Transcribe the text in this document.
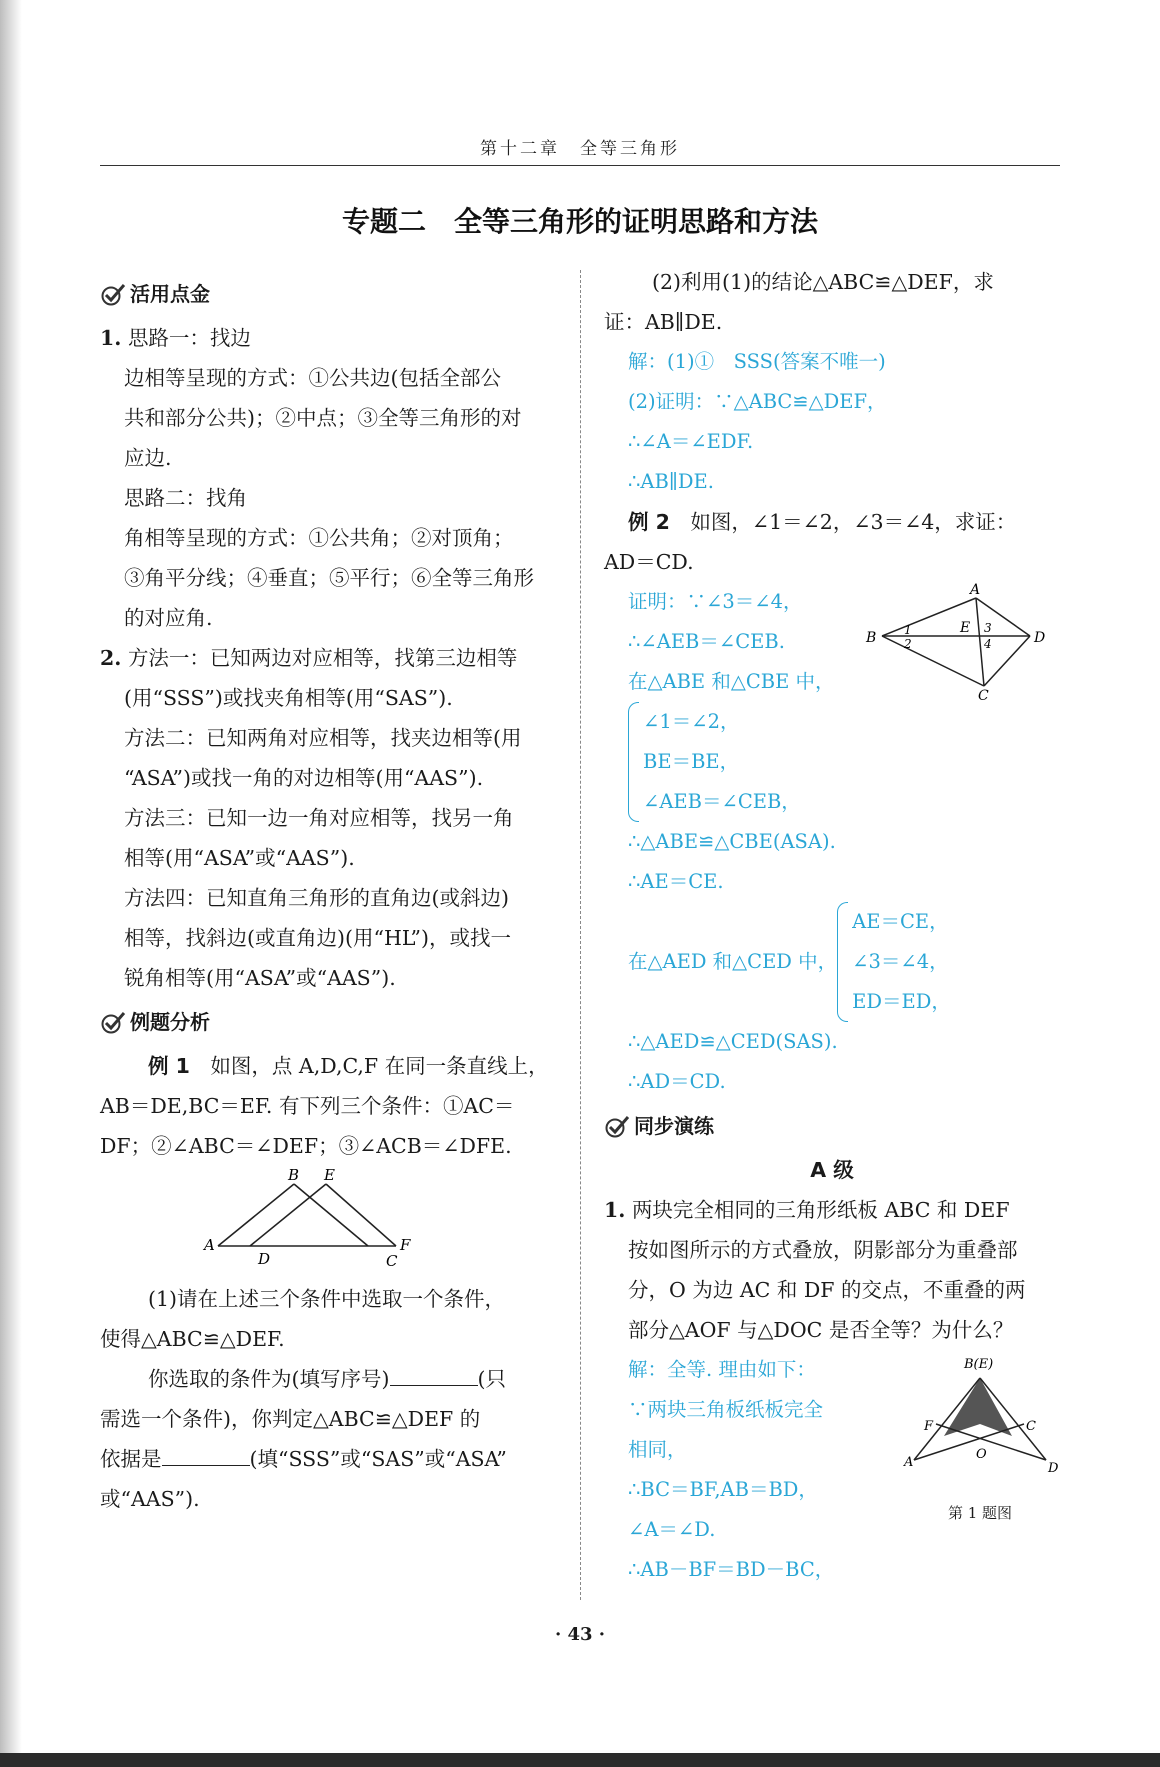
第十二章　全等三角形
专题二　全等三角形的证明思路和方法
活用点金
1. 思路一：找边
边相等呈现的方式：①公共边(包括全部公
共和部分公共)；②中点；③全等三角形的对
应边.
思路二：找角
角相等呈现的方式：①公共角；②对顶角；
③角平分线；④垂直；⑤平行；⑥全等三角形
的对应角.
2. 方法一：已知两边对应相等，找第三边相等
(用“SSS”)或找夹角相等(用“SAS”).
方法二：已知两角对应相等，找夹边相等(用
“ASA”)或找一角的对边相等(用“AAS”).
方法三：已知一边一角对应相等，找另一角
相等(用“ASA”或“AAS”).
方法四：已知直角三角形的直角边(或斜边)
相等，找斜边(或直角边)(用“HL”)，或找一
锐角相等(用“ASA”或“AAS”).
例题分析
例 1　 如图，点 A,D,C,F 在同一条直线上，
AB＝DE,BC＝EF. 有下列三个条件：①AC＝
DF；②∠ABC＝∠DEF；③∠ACB＝∠DFE.
B E
A
D	C
F
(1)请在上述三个条件中选取一个条件，
使得△ABC≌△DEF.
你选取的条件为(填写序号)	(只
需选一个条件)，你判定△ABC≌△DEF 的
依据是	(填“SSS”或“SAS”或“ASA”
或“AAS”).
(2)利用(1)的结论△ABC≌△DEF，求
证：AB∥DE.
解：(1)①　SSS(答案不唯一)
(2)证明：∵△ABC≌△DEF，
∴∠A＝∠EDF.
∴AB∥DE.
例 2　 如图，∠1＝∠2，∠3＝∠4，求证：
AD＝CD.
A
B
E
D
C
1
2
3
4
证明：∵∠3＝∠4，
∴∠AEB＝∠CEB.
在△ABE 和△CBE 中，
∠1＝∠2，
BE＝BE，
∠AEB＝∠CEB，
∴△ABE≌△CBE(ASA).
∴AE＝CE.
在△AED 和△CED 中，
AE＝CE，
∠3＝∠4，
ED＝ED，
∴△AED≌△CED(SAS).
∴AD＝CD.
同步演练
A 级
1. 两块完全相同的三角形纸板 ABC 和 DEF
按如图所示的方式叠放，阴影部分为重叠部
分，O 为边 AC 和 DF 的交点，不重叠的两
部分△AOF 与△DOC 是否全等？为什么？
B(E)
F	C
A
O
D
第 1 题图
解：全等. 理由如下：
∵两块三角板纸板完全
相同，
∴BC＝BF,AB＝BD，
∠A＝∠D.
∴AB－BF＝BD－BC，
· 43 ·
